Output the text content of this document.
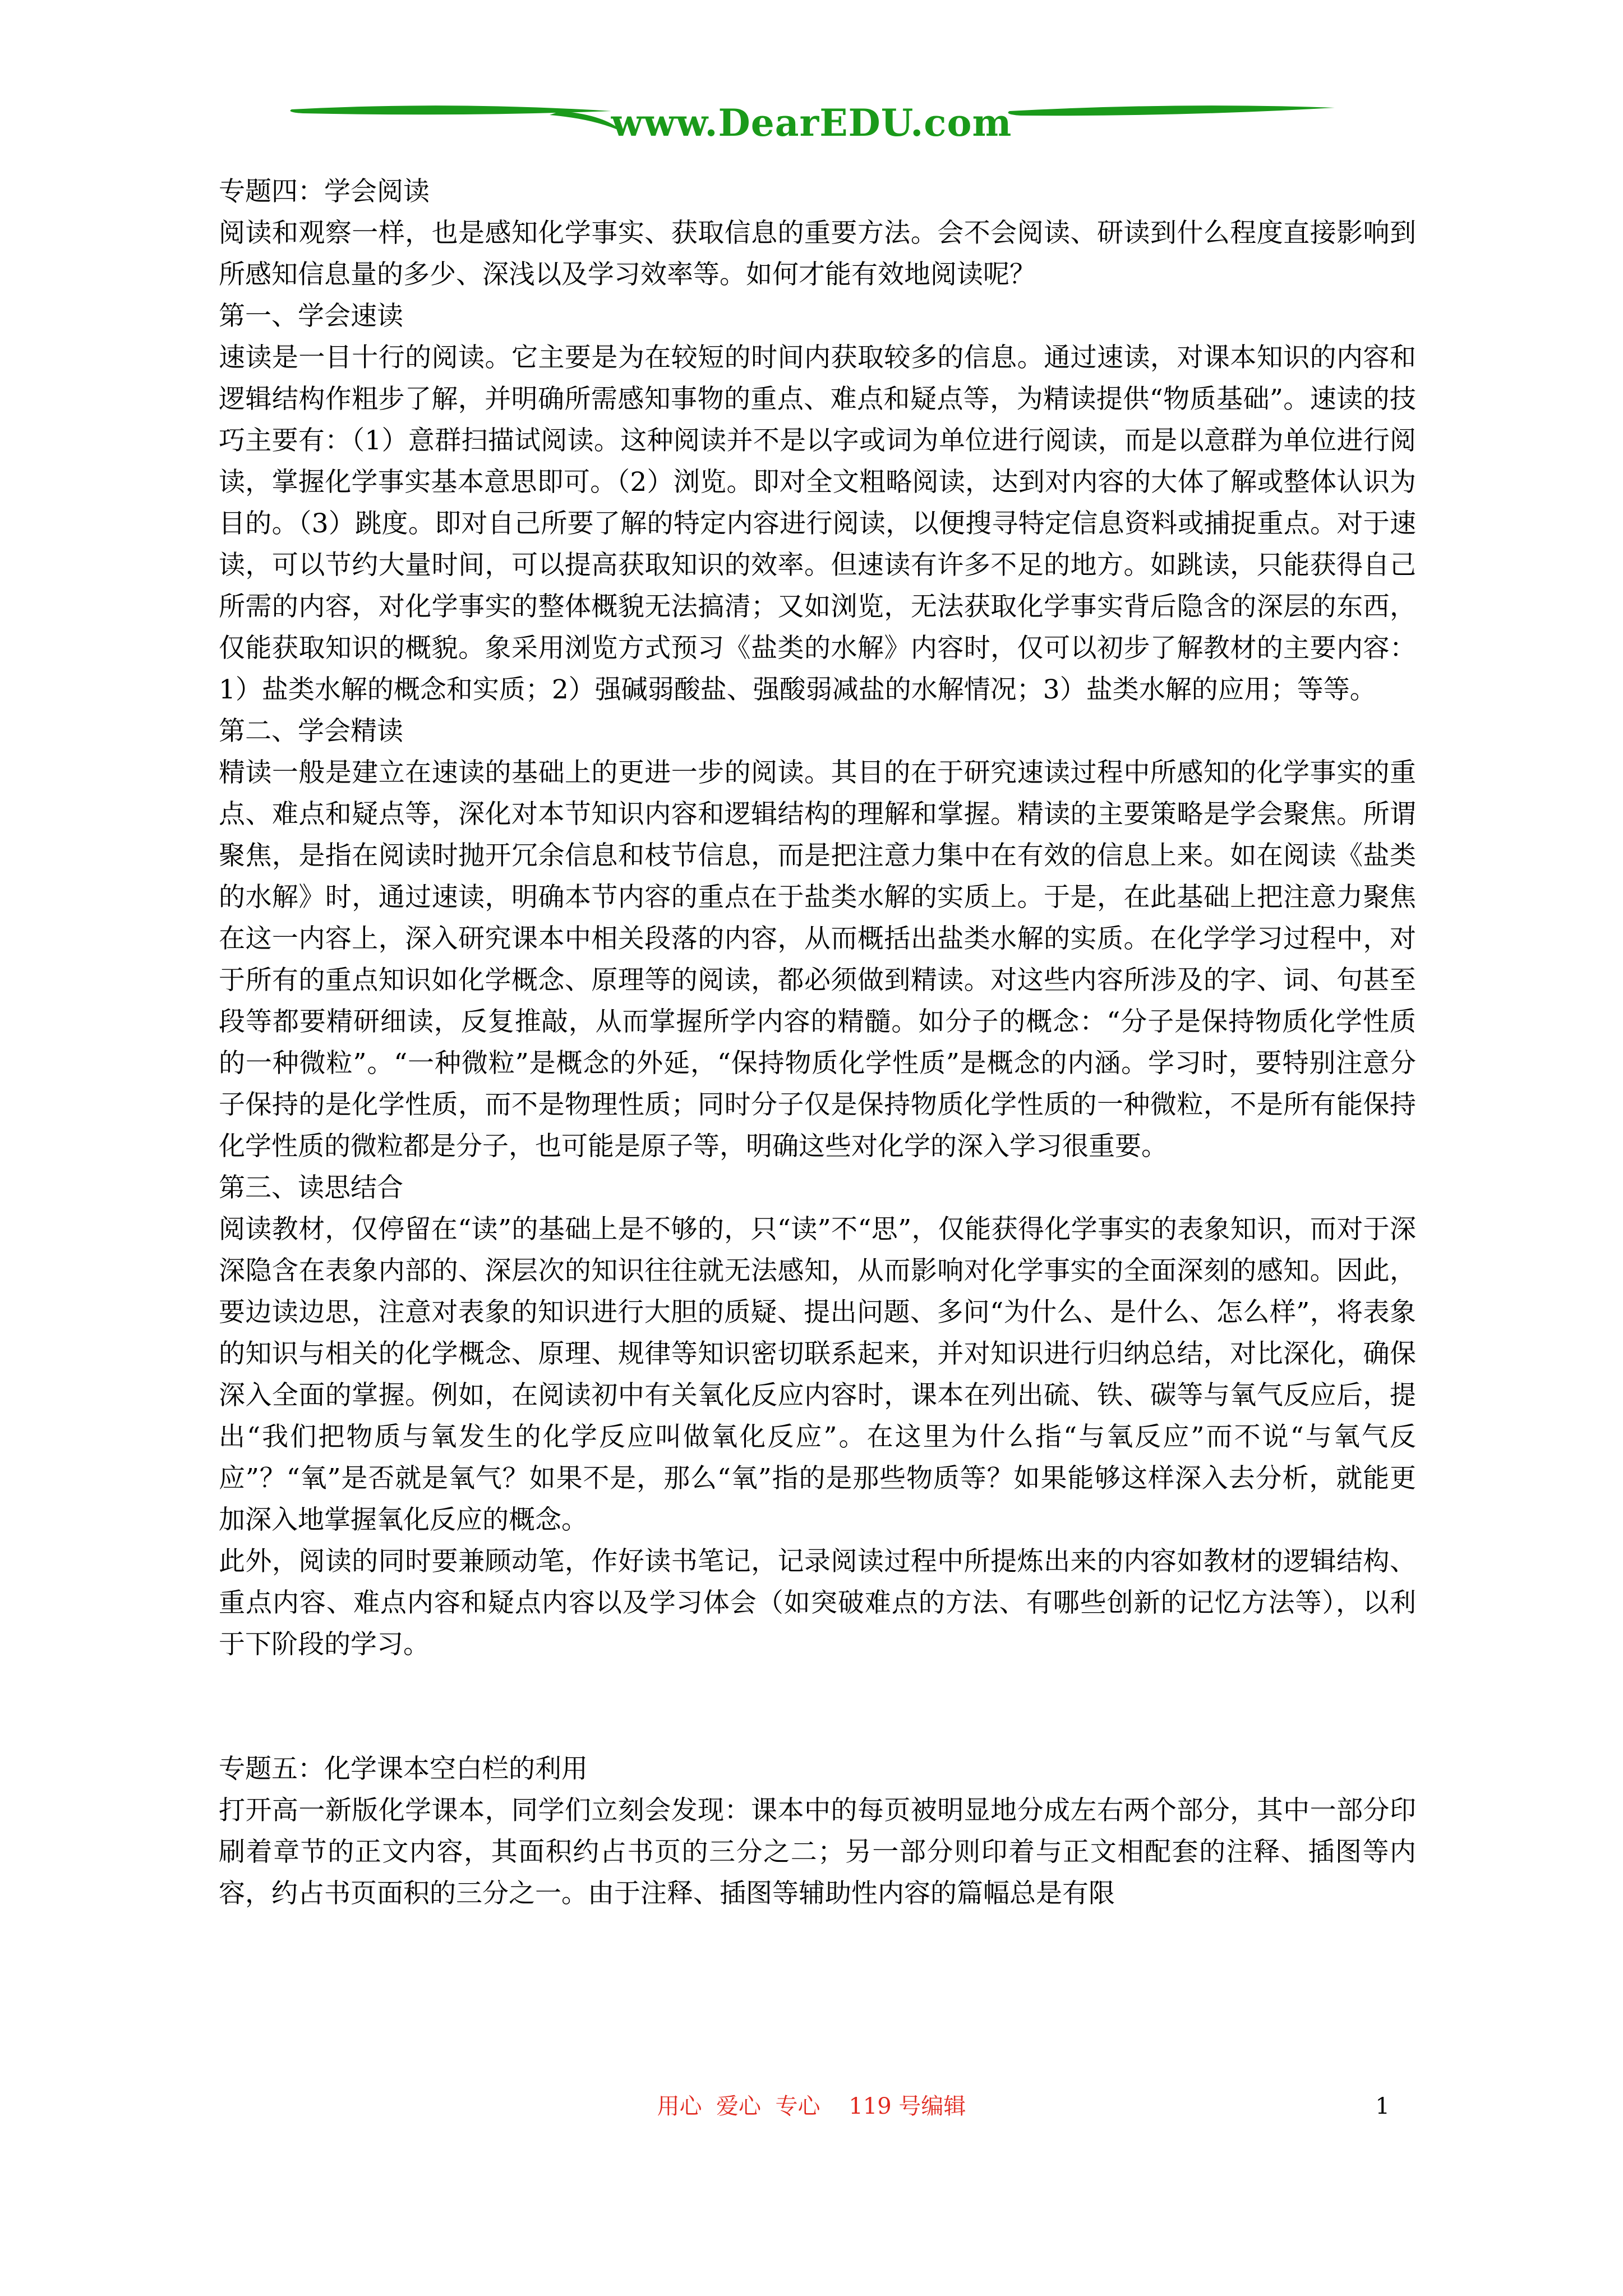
www.DearEDU.com

专题四：学会阅读

阅读和观察一样，也是感知化学事实、获取信息的重要方法。会不会阅读、研读到什么程度直接影响到所感知信息量的多少、深浅以及学习效率等。如何才能有效地阅读呢？

第一、学会速读

速读是一目十行的阅读。它主要是为在较短的时间内获取较多的信息。通过速读，对课本知识的内容和逻辑结构作粗步了解，并明确所需感知事物的重点、难点和疑点等，为精读提供“物质基础”。速读的技巧主要有：（1）意群扫描试阅读。这种阅读并不是以字或词为单位进行阅读，而是以意群为单位进行阅读，掌握化学事实基本意思即可。（2）浏览。即对全文粗略阅读，达到对内容的大体了解或整体认识为目的。（3）跳度。即对自己所要了解的特定内容进行阅读，以便搜寻特定信息资料或捕捉重点。对于速读，可以节约大量时间，可以提高获取知识的效率。但速读有许多不足的地方。如跳读，只能获得自己所需的内容，对化学事实的整体概貌无法搞清；又如浏览，无法获取化学事实背后隐含的深层的东西，仅能获取知识的概貌。象采用浏览方式预习《盐类的水解》内容时，仅可以初步了解教材的主要内容：1）盐类水解的概念和实质；2）强碱弱酸盐、强酸弱减盐的水解情况；3）盐类水解的应用；等等。

第二、学会精读

精读一般是建立在速读的基础上的更进一步的阅读。其目的在于研究速读过程中所感知的化学事实的重点、难点和疑点等，深化对本节知识内容和逻辑结构的理解和掌握。精读的主要策略是学会聚焦。所谓聚焦，是指在阅读时抛开冗余信息和枝节信息，而是把注意力集中在有效的信息上来。如在阅读《盐类的水解》时，通过速读，明确本节内容的重点在于盐类水解的实质上。于是，在此基础上把注意力聚焦在这一内容上，深入研究课本中相关段落的内容，从而概括出盐类水解的实质。在化学学习过程中，对于所有的重点知识如化学概念、原理等的阅读，都必须做到精读。对这些内容所涉及的字、词、句甚至段等都要精研细读，反复推敲，从而掌握所学内容的精髓。如分子的概念：“分子是保持物质化学性质的一种微粒”。“一种微粒”是概念的外延，“保持物质化学性质”是概念的内涵。学习时，要特别注意分子保持的是化学性质，而不是物理性质；同时分子仅是保持物质化学性质的一种微粒，不是所有能保持化学性质的微粒都是分子，也可能是原子等，明确这些对化学的深入学习很重要。

第三、读思结合

阅读教材，仅停留在“读”的基础上是不够的，只“读”不“思”，仅能获得化学事实的表象知识，而对于深深隐含在表象内部的、深层次的知识往往就无法感知，从而影响对化学事实的全面深刻的感知。因此，要边读边思，注意对表象的知识进行大胆的质疑、提出问题、多问“为什么、是什么、怎么样”，将表象的知识与相关的化学概念、原理、规律等知识密切联系起来，并对知识进行归纳总结，对比深化，确保深入全面的掌握。例如，在阅读初中有关氧化反应内容时，课本在列出硫、铁、碳等与氧气反应后，提出“我们把物质与氧发生的化学反应叫做氧化反应”。在这里为什么指“与氧反应”而不说“与氧气反应”？“氧”是否就是氧气？如果不是，那么“氧”指的是那些物质等？如果能够这样深入去分析，就能更加深入地掌握氧化反应的概念。

此外，阅读的同时要兼顾动笔，作好读书笔记，记录阅读过程中所提炼出来的内容如教材的逻辑结构、重点内容、难点内容和疑点内容以及学习体会（如突破难点的方法、有哪些创新的记忆方法等），以利于下阶段的学习。

专题五：化学课本空白栏的利用

打开高一新版化学课本，同学们立刻会发现：课本中的每页被明显地分成左右两个部分，其中一部分印刷着章节的正文内容，其面积约占书页的三分之二；另一部分则印着与正文相配套的注释、插图等内容，约占书页面积的三分之一。由于注释、插图等辅助性内容的篇幅总是有限

用心  爱心  专心    119 号编辑	1
